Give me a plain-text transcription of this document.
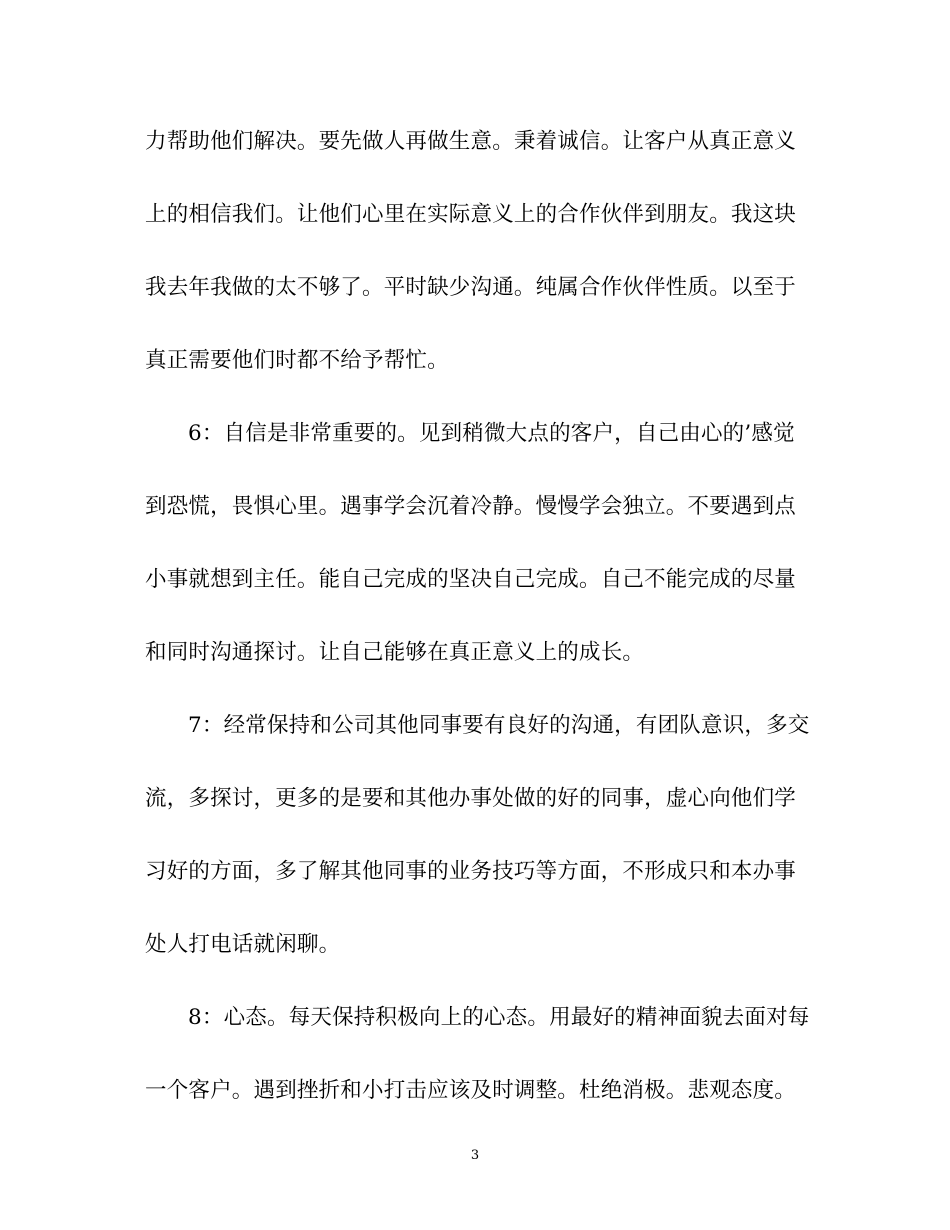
力帮助他们解决。要先做人再做生意。秉着诚信。让客户从真正意义
上的相信我们。让他们心里在实际意义上的合作伙伴到朋友。我这块
我去年我做的太不够了。平时缺少沟通。纯属合作伙伴性质。以至于
真正需要他们时都不给予帮忙。
6：自信是非常重要的。见到稍微大点的客户，自己由心的’感觉
到恐慌，畏惧心里。遇事学会沉着冷静。慢慢学会独立。不要遇到点
小事就想到主任。能自己完成的坚决自己完成。自己不能完成的尽量
和同时沟通探讨。让自己能够在真正意义上的成长。
7：经常保持和公司其他同事要有良好的沟通，有团队意识，多交
流，多探讨，更多的是要和其他办事处做的好的同事，虚心向他们学
习好的方面，多了解其他同事的业务技巧等方面，不形成只和本办事
处人打电话就闲聊。
8：心态。每天保持积极向上的心态。用最好的精神面貌去面对每
一个客户。遇到挫折和小打击应该及时调整。杜绝消极。悲观态度。
3
